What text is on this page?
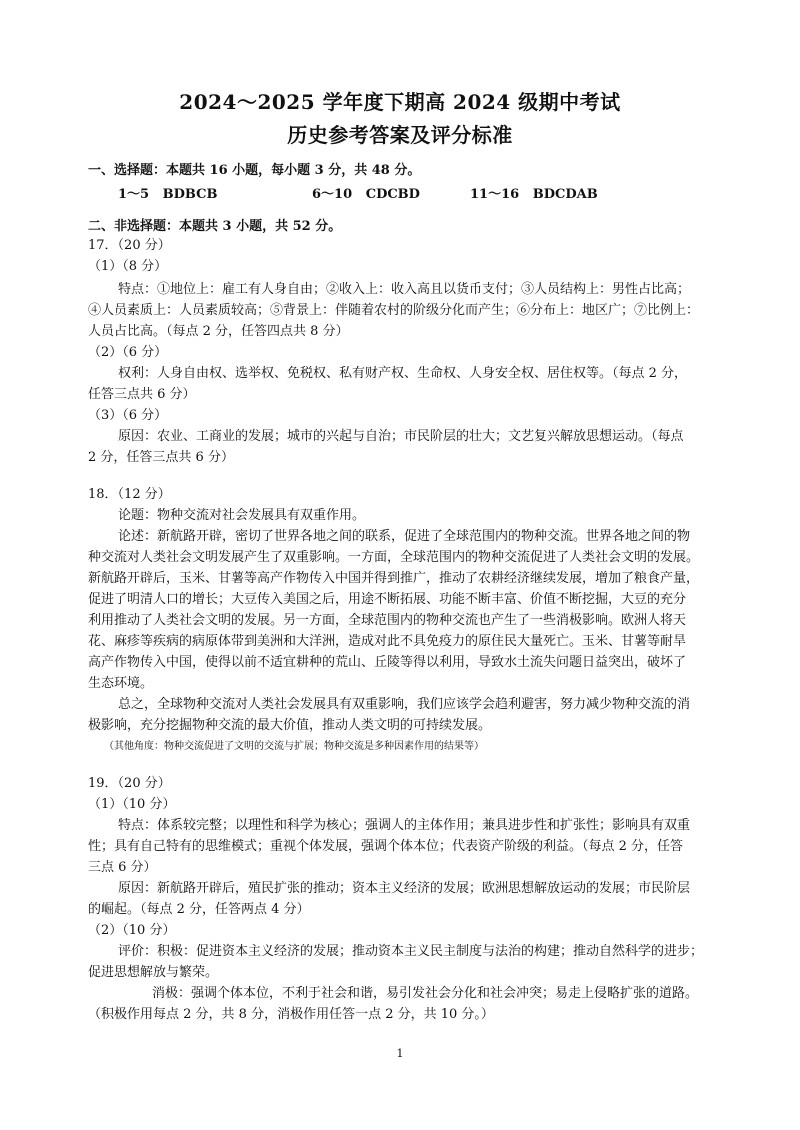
2024～2025 学年度下期高 2024 级期中考试
历史参考答案及评分标准
一、选择题：本题共 16 小题，每小题 3 分，共 48 分。
1～5 BDBCB	6～10 CDCBD	11～16 BDCDAB
二、非选择题：本题共 3 小题，共 52 分。
17．（20 分）
（1）（8 分）
特点：①地位上：雇工有人身自由；②收入上：收入高且以货币支付；③人员结构上：男性占比高；
④人员素质上：人员素质较高；⑤背景上：伴随着农村的阶级分化而产生；⑥分布上：地区广；⑦比例上：
人员占比高。（每点 2 分，任答四点共 8 分）
（2）（6 分）
权利：人身自由权、选举权、免税权、私有财产权、生命权、人身安全权、居住权等。（每点 2 分，
任答三点共 6 分）
（3）（6 分）
原因：农业、工商业的发展；城市的兴起与自治；市民阶层的壮大；文艺复兴解放思想运动。（每点
2 分，任答三点共 6 分）
18．（12 分）
论题：物种交流对社会发展具有双重作用。
论述：新航路开辟，密切了世界各地之间的联系，促进了全球范围内的物种交流。世界各地之间的物
种交流对人类社会文明发展产生了双重影响。一方面，全球范围内的物种交流促进了人类社会文明的发展。
新航路开辟后，玉米、甘薯等高产作物传入中国并得到推广，推动了农耕经济继续发展，增加了粮食产量，
促进了明清人口的增长；大豆传入美国之后，用途不断拓展、功能不断丰富、价值不断挖掘，大豆的充分
利用推动了人类社会文明的发展。另一方面，全球范围内的物种交流也产生了一些消极影响。欧洲人将天
花、麻疹等疾病的病原体带到美洲和大洋洲，造成对此不具免疫力的原住民大量死亡。玉米、甘薯等耐旱
高产作物传入中国，使得以前不适宜耕种的荒山、丘陵等得以利用，导致水土流失问题日益突出，破坏了
生态环境。
总之，全球物种交流对人类社会发展具有双重影响，我们应该学会趋利避害，努力减少物种交流的消
极影响，充分挖掘物种交流的最大价值，推动人类文明的可持续发展。
（其他角度：物种交流促进了文明的交流与扩展；物种交流是多种因素作用的结果等）
19．（20 分）
（1）（10 分）
特点：体系较完整；以理性和科学为核心；强调人的主体作用；兼具进步性和扩张性；影响具有双重
性；具有自己特有的思维模式；重视个体发展，强调个体本位；代表资产阶级的利益。（每点 2 分，任答
三点 6 分）
原因：新航路开辟后，殖民扩张的推动；资本主义经济的发展；欧洲思想解放运动的发展；市民阶层
的崛起。（每点 2 分，任答两点 4 分）
（2）（10 分）
评价：积极：促进资本主义经济的发展；推动资本主义民主制度与法治的构建；推动自然科学的进步；
促进思想解放与繁荣。
消极：强调个体本位，不利于社会和谐，易引发社会分化和社会冲突；易走上侵略扩张的道路。
（积极作用每点 2 分，共 8 分，消极作用任答一点 2 分，共 10 分。）
1
